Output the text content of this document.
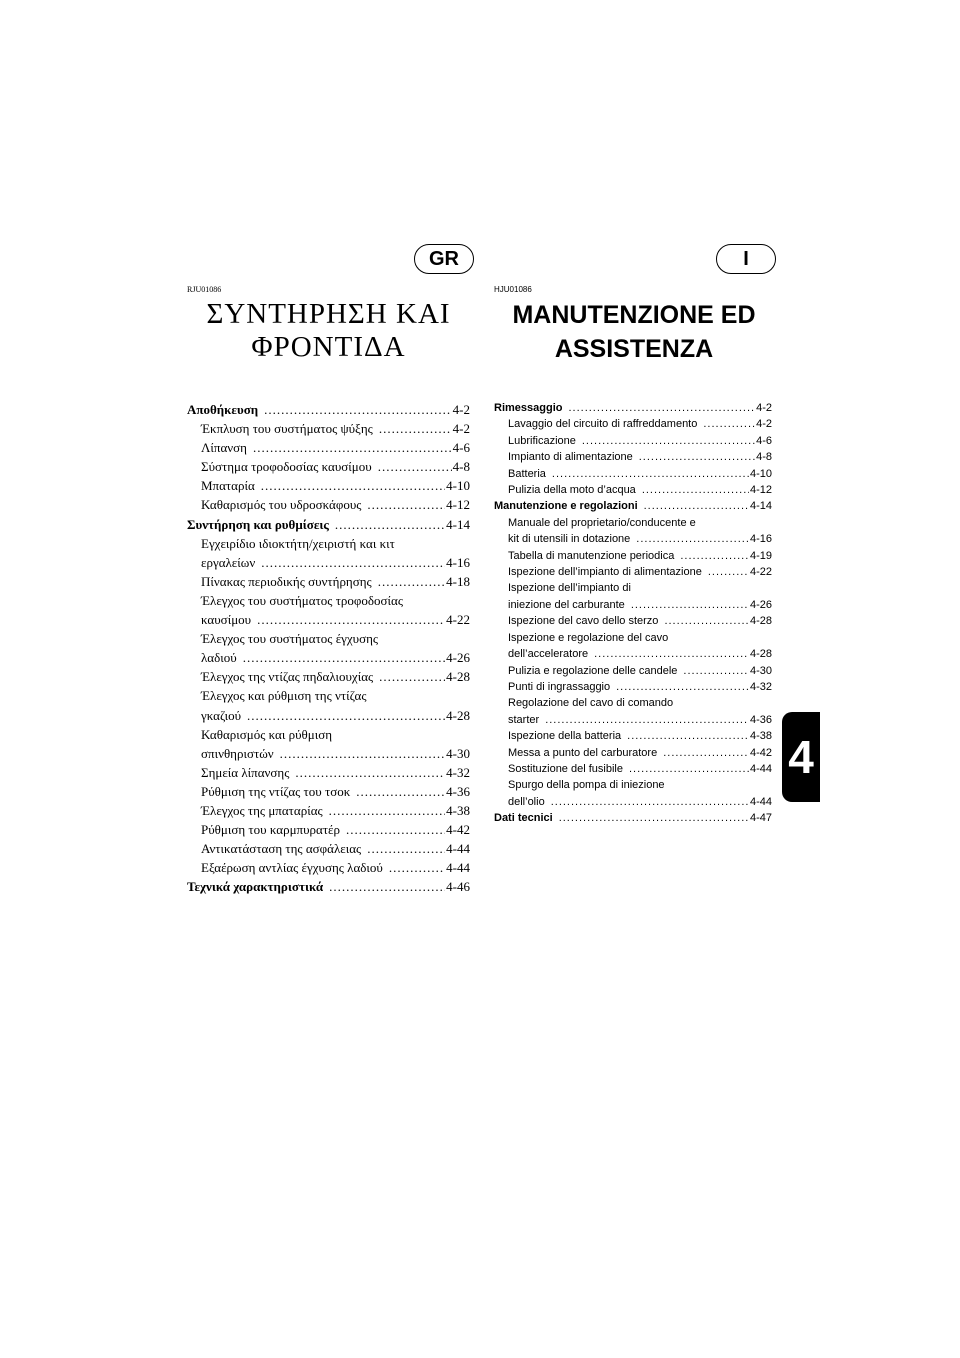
GR	I
RJU01086	HJU01086
ΣΥΝΤΗΡΗΣΗ ΚΑΙ
ΦΡΟΝΤΙΔΑ
MANUTENZIONE ED
ASSISTENZA
Αποθήκευση .....	4-2
Έκπλυση του συστήματος ψύξης .....	4-2
Λίπανση .....	4-6
Σύστημα τροφοδοσίας καυσίμου .....	4-8
Μπαταρία .....	4-10
Καθαρισμός του υδροσκάφους .....	4-12
Συντήρηση και ρυθμίσεις .....	4-14
Εγχειρίδιο ιδιοκτήτη/χειριστή και κιτ
εργαλείων .....	4-16
Πίνακας περιοδικής συντήρησης .....	4-18
Έλεγχος του συστήματος τροφοδοσίας
καυσίμου .....	4-22
Έλεγχος του συστήματος έγχυσης
λαδιού .....	4-26
Έλεγχος της ντίζας πηδαλιουχίας .....	4-28
Έλεγχος και ρύθμιση της ντίζας
γκαζιού .....	4-28
Καθαρισμός και ρύθμιση
σπινθηριστών .....	4-30
Σημεία λίπανσης .....	4-32
Ρύθμιση της ντίζας του τσοκ .....	4-36
Έλεγχος της μπαταρίας .....	4-38
Ρύθμιση του καρμπυρατέρ .....	4-42
Αντικατάσταση της ασφάλειας .....	4-44
Εξαέρωση αντλίας έγχυσης λαδιού .....	4-44
Τεχνικά χαρακτηριστικά .....	4-46
Rimessaggio .....	4-2
Lavaggio del circuito di raffreddamento .....	4-2
Lubrificazione .....	4-6
Impianto di alimentazione .....	4-8
Batteria .....	4-10
Pulizia della moto d’acqua .....	4-12
Manutenzione e regolazioni .....	4-14
Manuale del proprietario/conducente e
kit di utensili in dotazione .....	4-16
Tabella di manutenzione periodica .....	4-19
Ispezione dell’impianto di alimentazione .....	4-22
Ispezione dell’impianto di
iniezione del carburante .....	4-26
Ispezione del cavo dello sterzo .....	4-28
Ispezione e regolazione del cavo
dell’acceleratore .....	4-28
Pulizia e regolazione delle candele .....	4-30
Punti di ingrassaggio .....	4-32
Regolazione del cavo di comando
starter .....	4-36
Ispezione della batteria .....	4-38
Messa a punto del carburatore .....	4-42
Sostituzione del fusibile .....	4-44
Spurgo della pompa di iniezione
dell’olio .....	4-44
Dati tecnici .....	4-47
4
